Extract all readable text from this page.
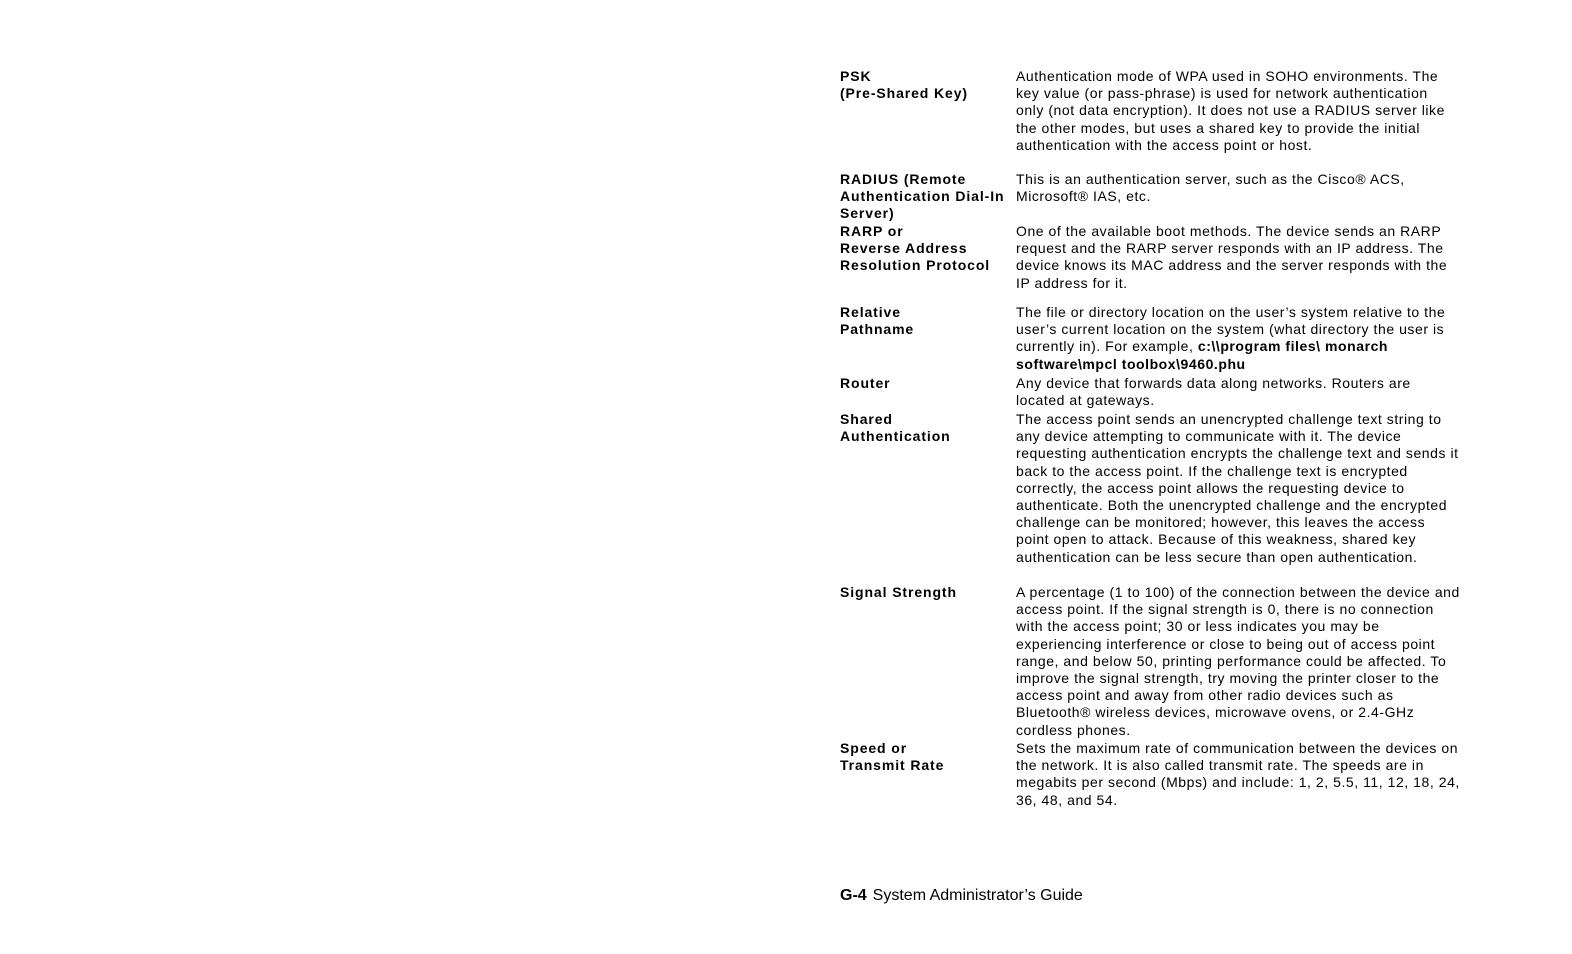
PSK
(Pre-Shared Key)
Authentication mode of WPA used in SOHO environments. The key value (or pass-phrase) is used for network authentication only (not data encryption). It does not use a RADIUS server like the other modes, but uses a shared key to provide the initial authentication with the access point or host.
RADIUS (Remote Authentication Dial-In Server)
This is an authentication server, such as the Cisco® ACS, Microsoft® IAS, etc.
RARP or
Reverse Address Resolution Protocol
One of the available boot methods. The device sends an RARP request and the RARP server responds with an IP address. The device knows its MAC address and the server responds with the IP address for it.
Relative
Pathname
The file or directory location on the user’s system relative to the user’s current location on the system (what directory the user is currently in). For example, c:\\program files\ monarch software\mpcl toolbox\9460.phu
Router	Any device that forwards data along networks. Routers are located at gateways.
Shared
Authentication
The access point sends an unencrypted challenge text string to any device attempting to communicate with it. The device requesting authentication encrypts the challenge text and sends it back to the access point. If the challenge text is encrypted correctly, the access point allows the requesting device to authenticate. Both the unencrypted challenge and the encrypted challenge can be monitored; however, this leaves the access point open to attack. Because of this weakness, shared key authentication can be less secure than open authentication.
Signal Strength	A percentage (1 to 100) of the connection between the device and access point. If the signal strength is 0, there is no connection with the access point; 30 or less indicates you may be experiencing interference or close to being out of access point range, and below 50, printing performance could be affected. To improve the signal strength, try moving the printer closer to the access point and away from other radio devices such as Bluetooth® wireless devices, microwave ovens, or 2.4-GHz cordless phones.
Speed or
Transmit Rate
Sets the maximum rate of communication between the devices on the network. It is also called transmit rate. The speeds are in megabits per second (Mbps) and include: 1, 2, 5.5, 11, 12, 18, 24, 36, 48, and 54.
G-4 System Administrator’s Guide
